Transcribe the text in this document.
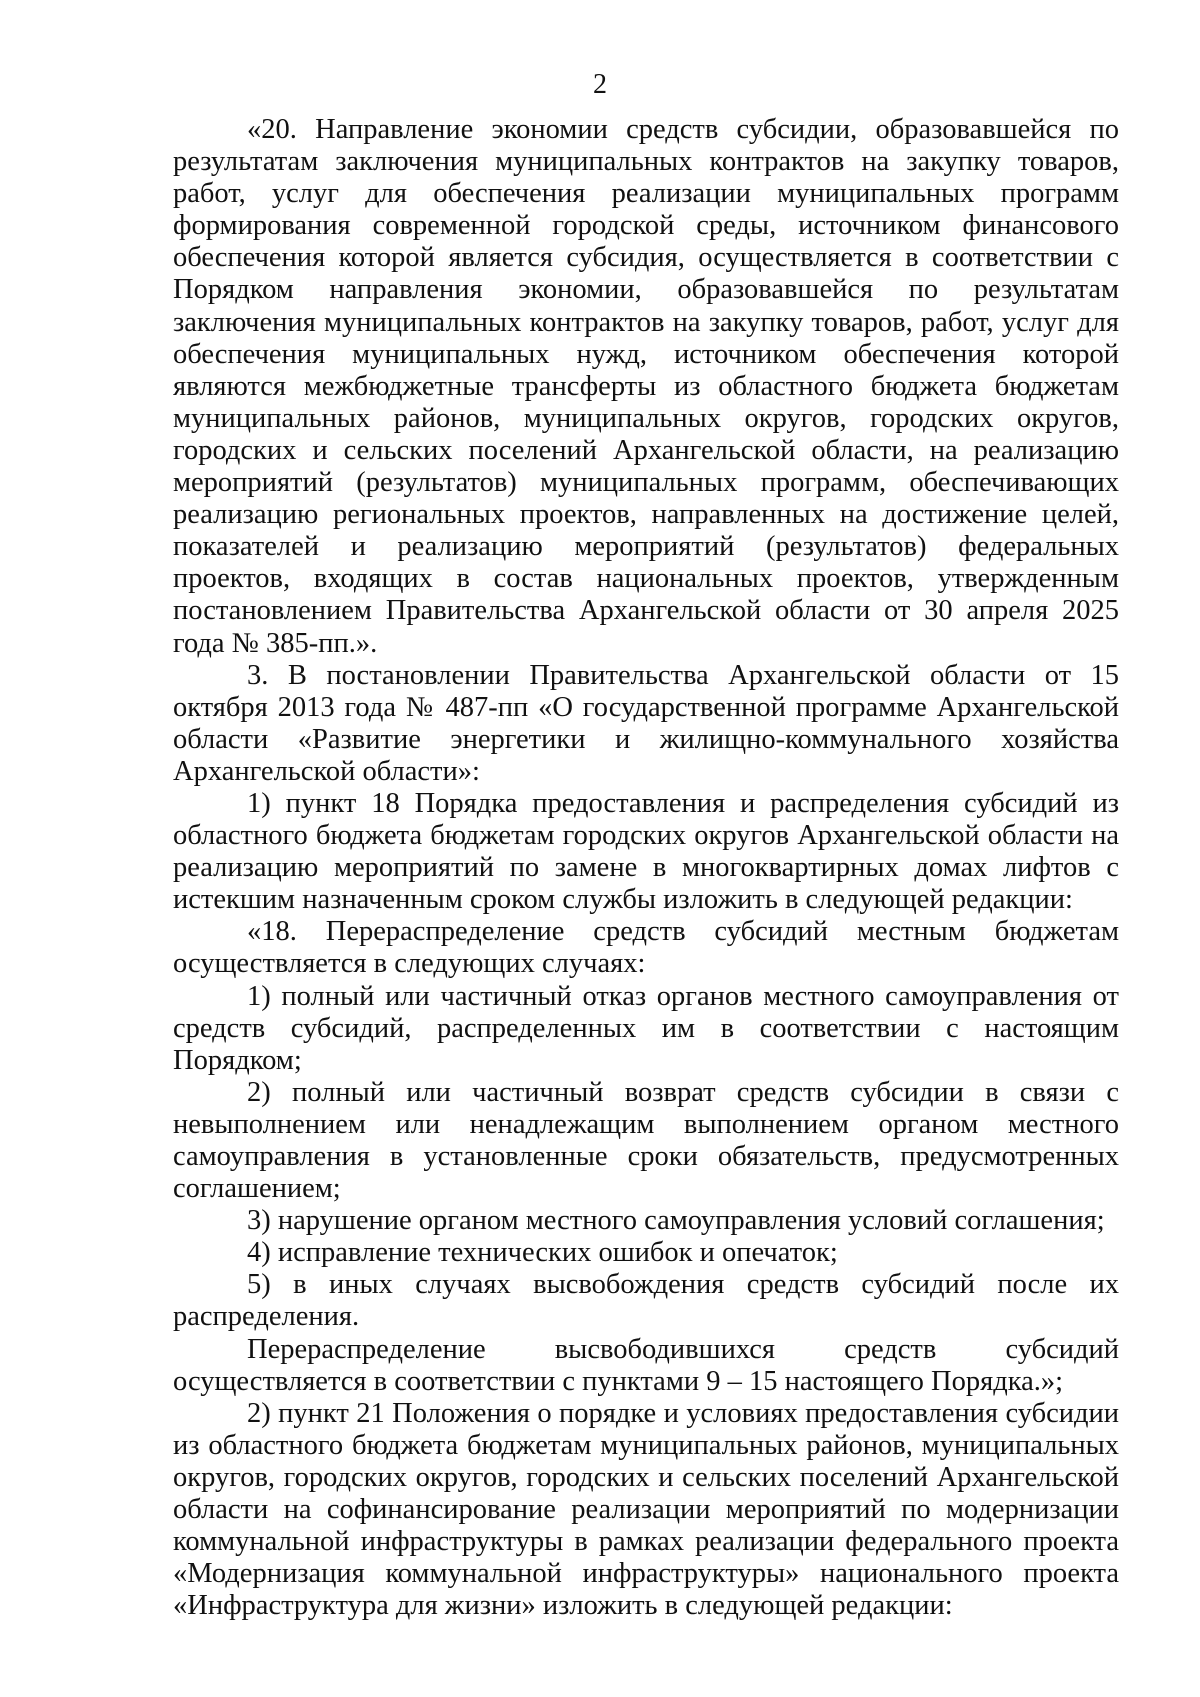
2

«20. Направление экономии средств субсидии, образовавшейся по результатам заключения муниципальных контрактов на закупку товаров, работ, услуг для обеспечения реализации муниципальных программ формирования современной городской среды, источником финансового обеспечения которой является субсидия, осуществляется в соответствии с Порядком направления экономии, образовавшейся по результатам заключения муниципальных контрактов на закупку товаров, работ, услуг для обеспечения муниципальных нужд, источником обеспечения которой являются межбюджетные трансферты из областного бюджета бюджетам муниципальных районов, муниципальных округов, городских округов, городских и сельских поселений Архангельской области, на реализацию мероприятий (результатов) муниципальных программ, обеспечивающих реализацию региональных проектов, направленных на достижение целей, показателей и реализацию мероприятий (результатов) федеральных проектов, входящих в состав национальных проектов, утвержденным постановлением Правительства Архангельской области от 30 апреля 2025 года № 385-пп.».

3. В постановлении Правительства Архангельской области от 15 октября 2013 года № 487-пп «О государственной программе Архангельской области «Развитие энергетики и жилищно-коммунального хозяйства Архангельской области»:

1) пункт 18 Порядка предоставления и распределения субсидий из областного бюджета бюджетам городских округов Архангельской области на реализацию мероприятий по замене в многоквартирных домах лифтов с истекшим назначенным сроком службы изложить в следующей редакции:

«18. Перераспределение средств субсидий местным бюджетам осуществляется в следующих случаях:

1) полный или частичный отказ органов местного самоуправления от средств субсидий, распределенных им в соответствии с настоящим Порядком;

2) полный или частичный возврат средств субсидии в связи с невыполнением или ненадлежащим выполнением органом местного самоуправления в установленные сроки обязательств, предусмотренных соглашением;

3) нарушение органом местного самоуправления условий соглашения;

4) исправление технических ошибок и опечаток;

5) в иных случаях высвобождения средств субсидий после их распределения.

Перераспределение высвободившихся средств субсидий осуществляется в соответствии с пунктами 9 – 15 настоящего Порядка.»;

2) пункт 21 Положения о порядке и условиях предоставления субсидии из областного бюджета бюджетам муниципальных районов, муниципальных округов, городских округов, городских и сельских поселений Архангельской области на софинансирование реализации мероприятий по модернизации коммунальной инфраструктуры в рамках реализации федерального проекта «Модернизация коммунальной инфраструктуры» национального проекта «Инфраструктура для жизни» изложить в следующей редакции:
